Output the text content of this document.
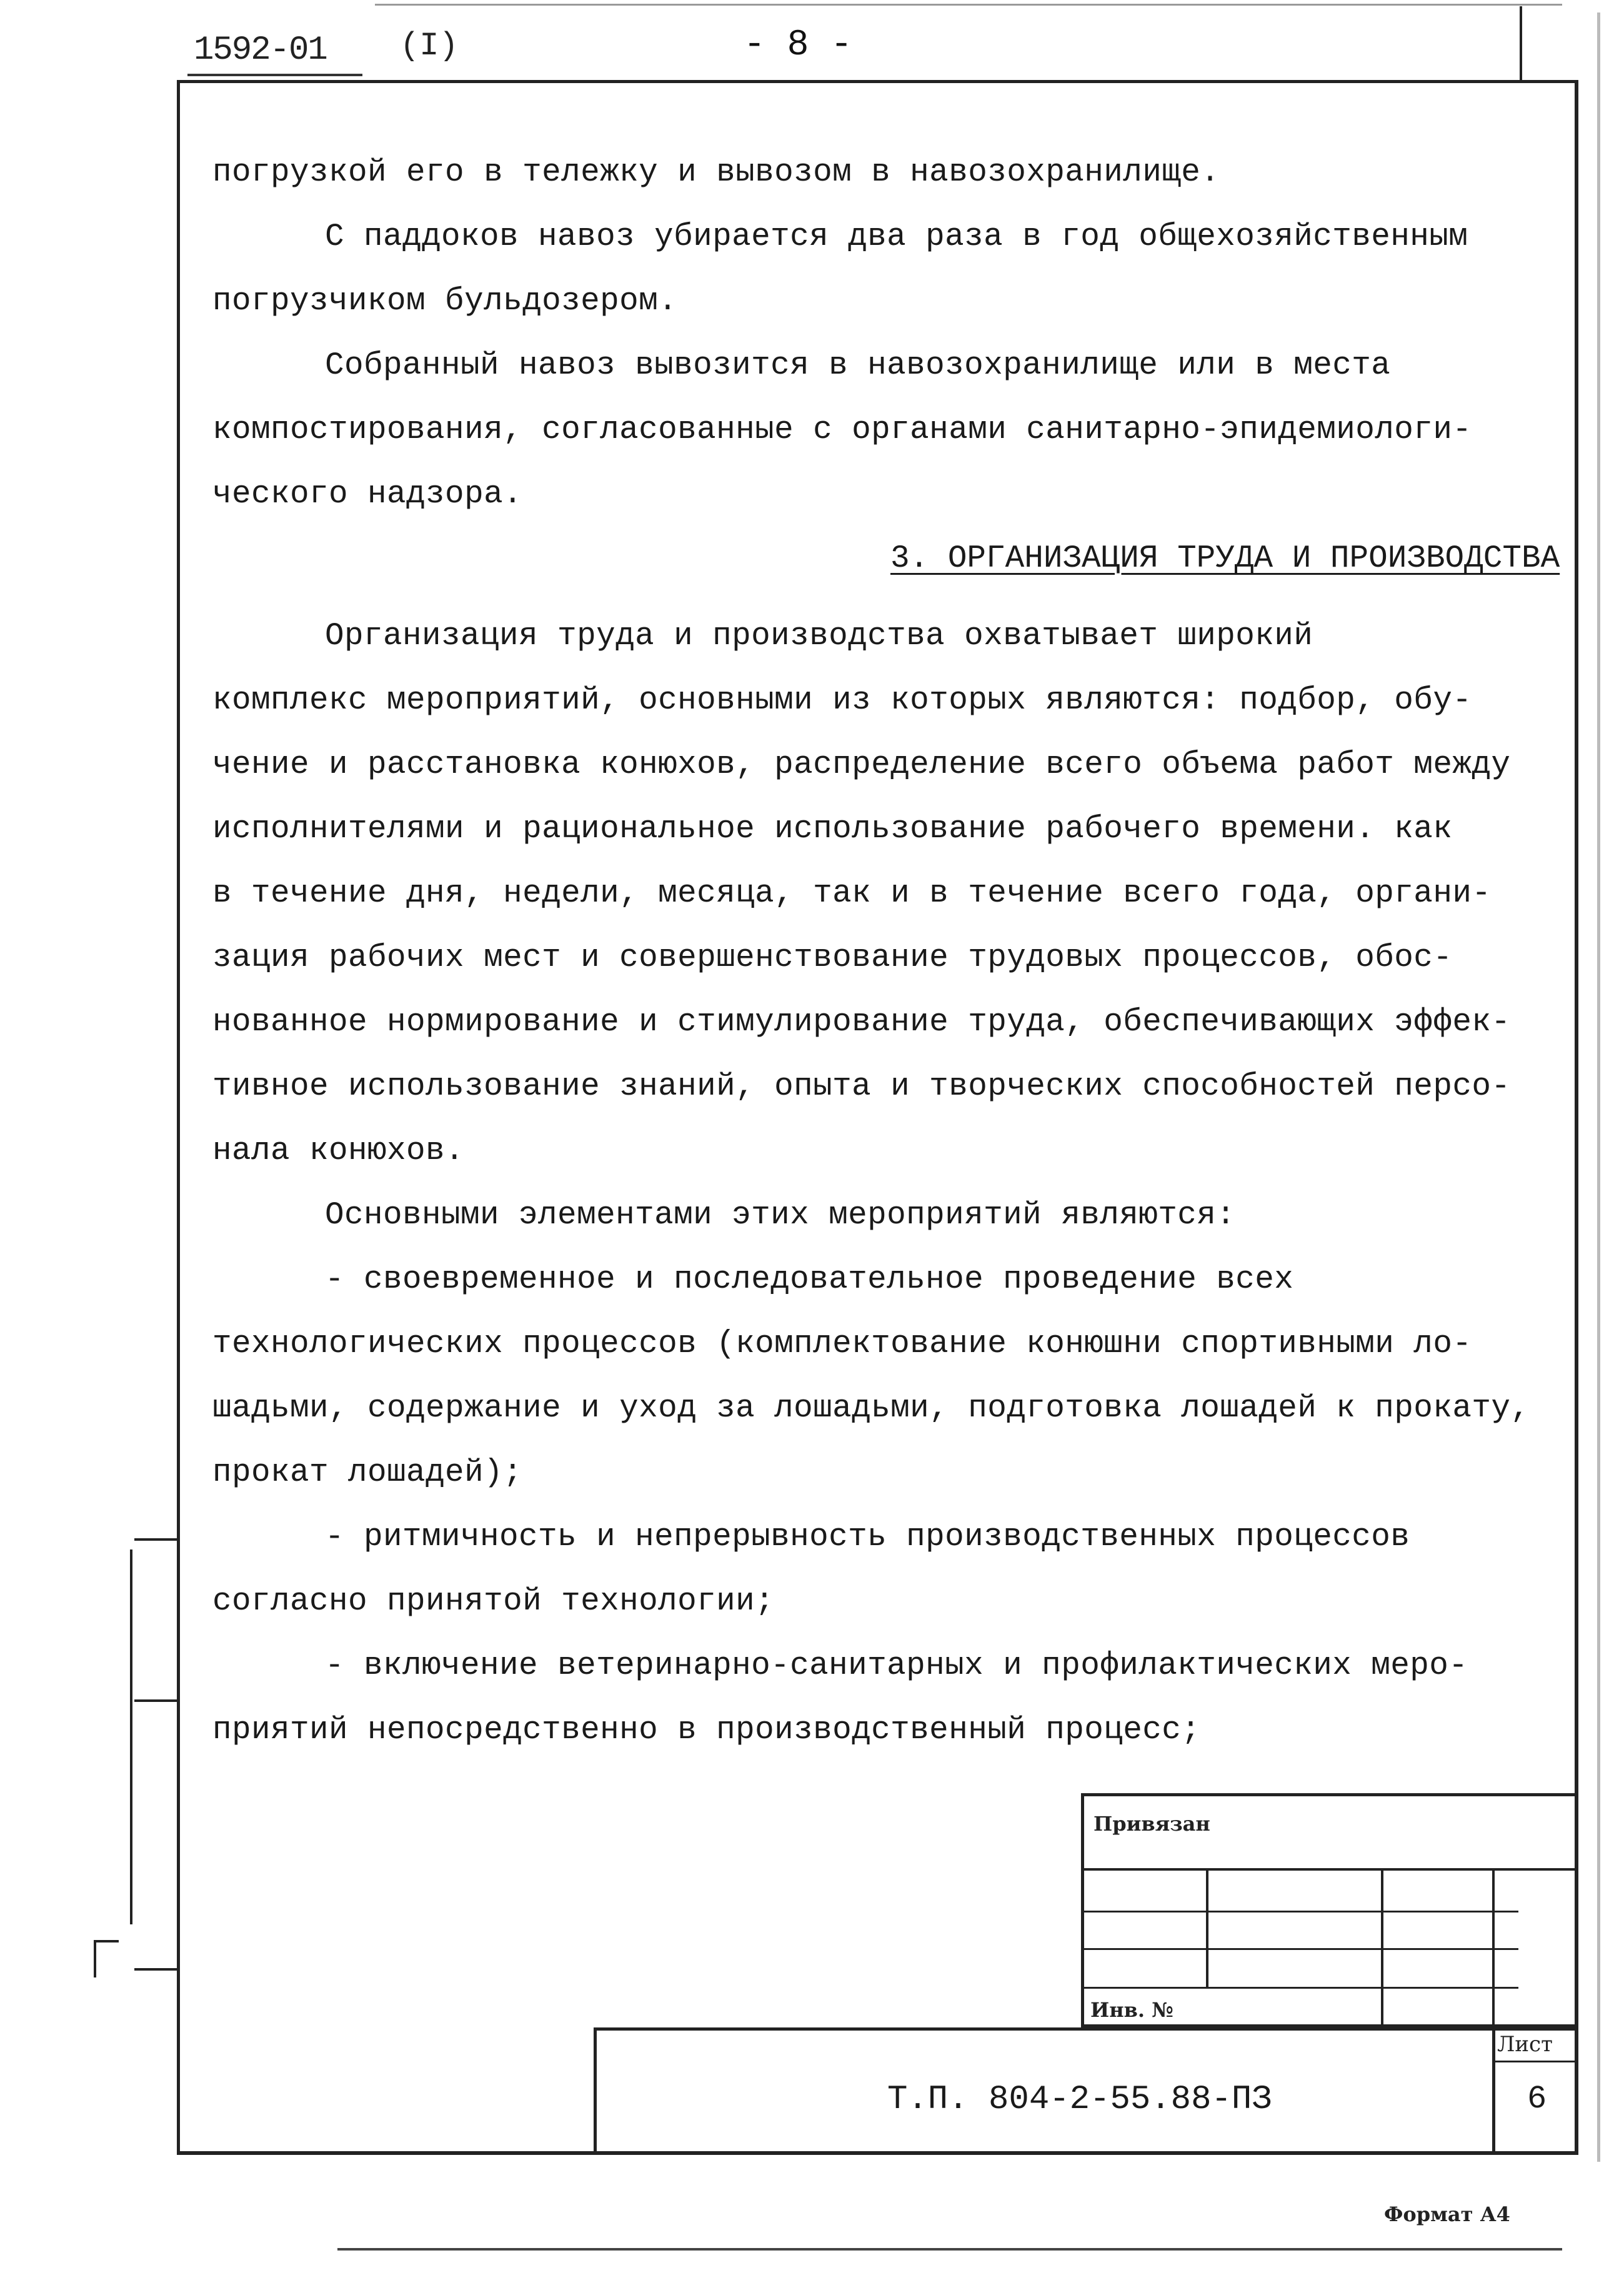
1592-01 (I)	- 8 -
погрузкой его в тележку и вывозом в навозохранилище.
С паддоков навоз убирается два раза в год общехозяйственным
погрузчиком бульдозером.
Собранный навоз вывозится в навозохранилище или в места
компостирования, согласованные с органами санитарно-эпидемиологи-
ческого надзора.
3. ОРГАНИЗАЦИЯ ТРУДА И ПРОИЗВОДСТВА
Организация труда и производства охватывает широкий
комплекс мероприятий, основными из которых являются: подбор, обу-
чение и расстановка конюхов, распределение всего объема работ между
исполнителями и рациональное использование рабочего времени. как
в течение дня, недели, месяца, так и в течение всего года, органи-
зация рабочих мест и совершенствование трудовых процессов, обос-
нованное нормирование и стимулирование труда, обеспечивающих эффек-
тивное использование знаний, опыта и творческих способностей персо-
нала конюхов.
Основными элементами этих мероприятий являются:
- своевременное и последовательное проведение всех
технологических процессов (комплектование конюшни спортивными ло-
шадьми, содержание и уход за лошадьми, подготовка лошадей к прокату,
прокат лошадей);
- ритмичность и непрерывность производственных процессов
согласно принятой технологии;
- включение ветеринарно-санитарных и профилактических меро-
приятий непосредственно в производственный процесс;
Привязан
Инв. №
Т.П. 804-2-55.88-ПЗ
Лист
6
Формат А4
